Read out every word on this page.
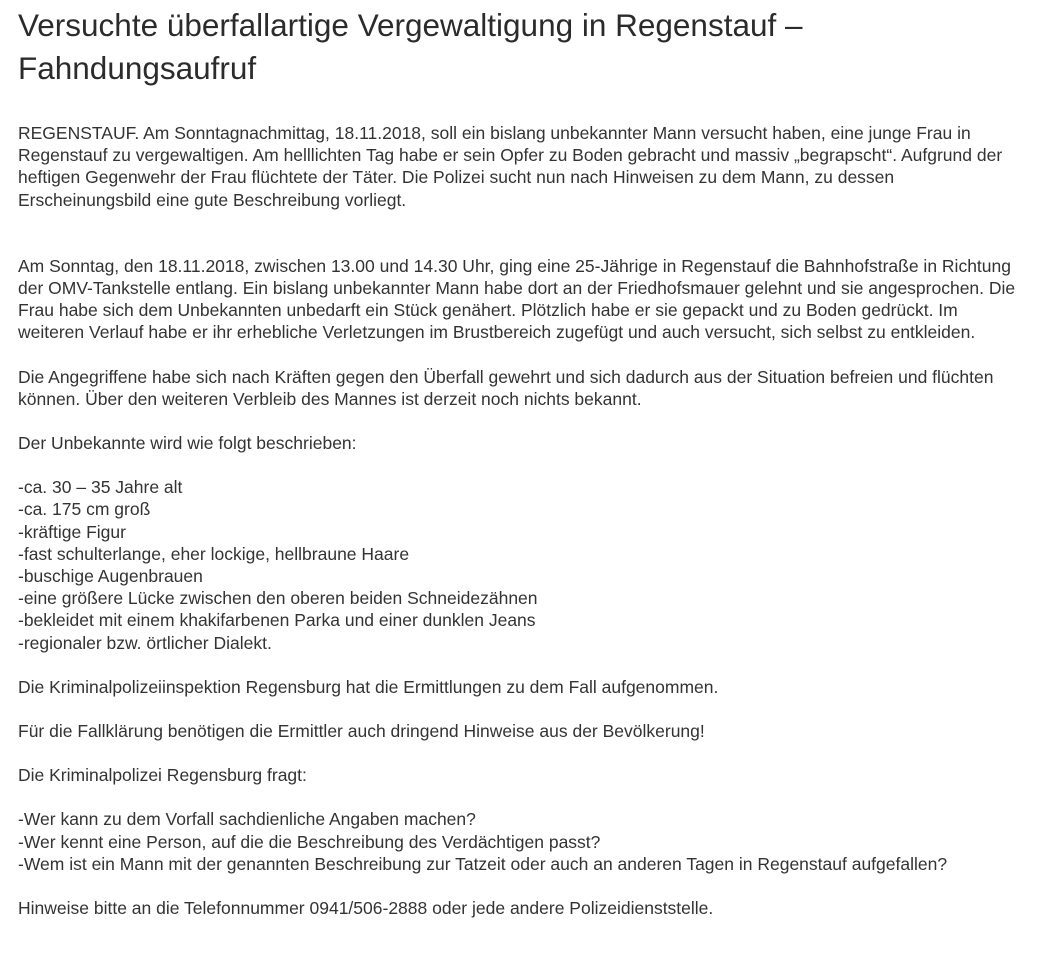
Versuchte überfallartige Vergewaltigung in Regenstauf – Fahndungsaufruf

REGENSTAUF. Am Sonntagnachmittag, 18.11.2018, soll ein bislang unbekannter Mann versucht haben, eine junge Frau in Regenstauf zu vergewaltigen. Am helllichten Tag habe er sein Opfer zu Boden gebracht und massiv „begrapscht“. Aufgrund der heftigen Gegenwehr der Frau flüchtete der Täter. Die Polizei sucht nun nach Hinweisen zu dem Mann, zu dessen Erscheinungsbild eine gute Beschreibung vorliegt.

Am Sonntag, den 18.11.2018, zwischen 13.00 und 14.30 Uhr, ging eine 25-Jährige in Regenstauf die Bahnhofstraße in Richtung der OMV-Tankstelle entlang. Ein bislang unbekannter Mann habe dort an der Friedhofsmauer gelehnt und sie angesprochen. Die Frau habe sich dem Unbekannten unbedarft ein Stück genähert. Plötzlich habe er sie gepackt und zu Boden gedrückt. Im weiteren Verlauf habe er ihr erhebliche Verletzungen im Brustbereich zugefügt und auch versucht, sich selbst zu entkleiden.

Die Angegriffene habe sich nach Kräften gegen den Überfall gewehrt und sich dadurch aus der Situation befreien und flüchten können. Über den weiteren Verbleib des Mannes ist derzeit noch nichts bekannt.

Der Unbekannte wird wie folgt beschrieben:

-ca. 30 – 35 Jahre alt

-ca. 175 cm groß

-kräftige Figur

-fast schulterlange, eher lockige, hellbraune Haare

-buschige Augenbrauen

-eine größere Lücke zwischen den oberen beiden Schneidezähnen

-bekleidet mit einem khakifarbenen Parka und einer dunklen Jeans

-regionaler bzw. örtlicher Dialekt.

Die Kriminalpolizeiinspektion Regensburg hat die Ermittlungen zu dem Fall aufgenommen.

Für die Fallklärung benötigen die Ermittler auch dringend Hinweise aus der Bevölkerung!

Die Kriminalpolizei Regensburg fragt:

-Wer kann zu dem Vorfall sachdienliche Angaben machen?

-Wer kennt eine Person, auf die die Beschreibung des Verdächtigen passt?

-Wem ist ein Mann mit der genannten Beschreibung zur Tatzeit oder auch an anderen Tagen in Regenstauf aufgefallen?

Hinweise bitte an die Telefonnummer 0941/506-2888 oder jede andere Polizeidienststelle.
